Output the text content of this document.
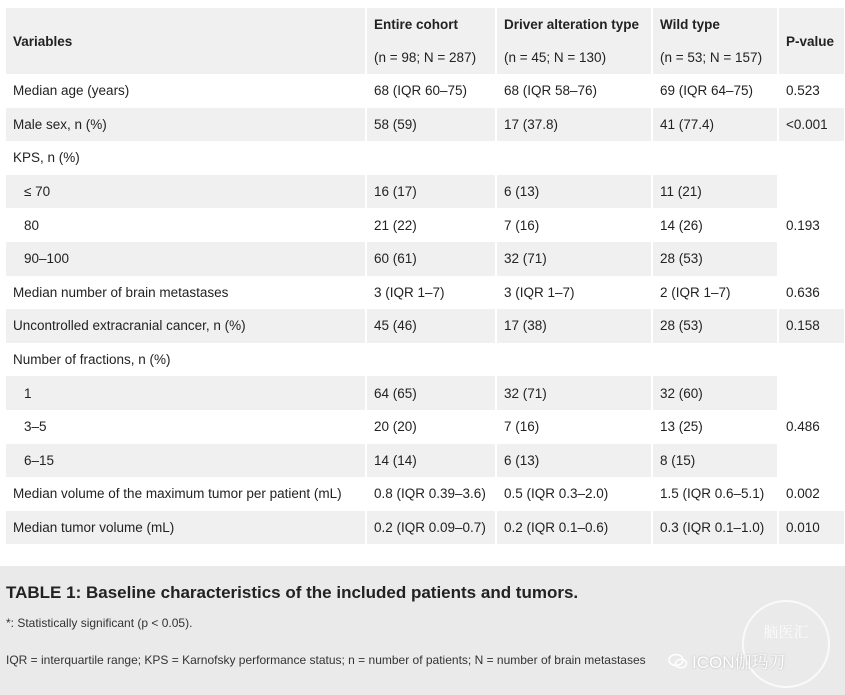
Variables	Entire cohort	Driver alteration type	Wild type	P-value
	(n = 98; N = 287)	(n = 45; N = 130)	(n = 53; N = 157)	
Median age (years)	68 (IQR 60–75)	68 (IQR 58–76)	69 (IQR 64–75)	0.523
Male sex, n (%)	58 (59)	17 (37.8)	41 (77.4)	<0.001
KPS, n (%)				
≤ 70	16 (17)	6 (13)	11 (21)	0.193
80	21 (22)	7 (16)	14 (26)	
90–100	60 (61)	32 (71)	28 (53)	
Median number of brain metastases	3 (IQR 1–7)	3 (IQR 1–7)	2 (IQR 1–7)	0.636
Uncontrolled extracranial cancer, n (%)	45 (46)	17 (38)	28 (53)	0.158
Number of fractions, n (%)				
1	64 (65)	32 (71)	32 (60)	0.486
3–5	20 (20)	7 (16)	13 (25)	
6–15	14 (14)	6 (13)	8 (15)	
Median volume of the maximum tumor per patient (mL)	0.8 (IQR 0.39–3.6)	0.5 (IQR 0.3–2.0)	1.5 (IQR 0.6–5.1)	0.002
Median tumor volume (mL)	0.2 (IQR 0.09–0.7)	0.2 (IQR 0.1–0.6)	0.3 (IQR 0.1–1.0)	0.010
TABLE 1: Baseline characteristics of the included patients and tumors.
*: Statistically significant (p < 0.05).
IQR = interquartile range; KPS = Karnofsky performance status; n = number of patients; N = number of brain metastases
脑医汇
ICON伽玛刀
